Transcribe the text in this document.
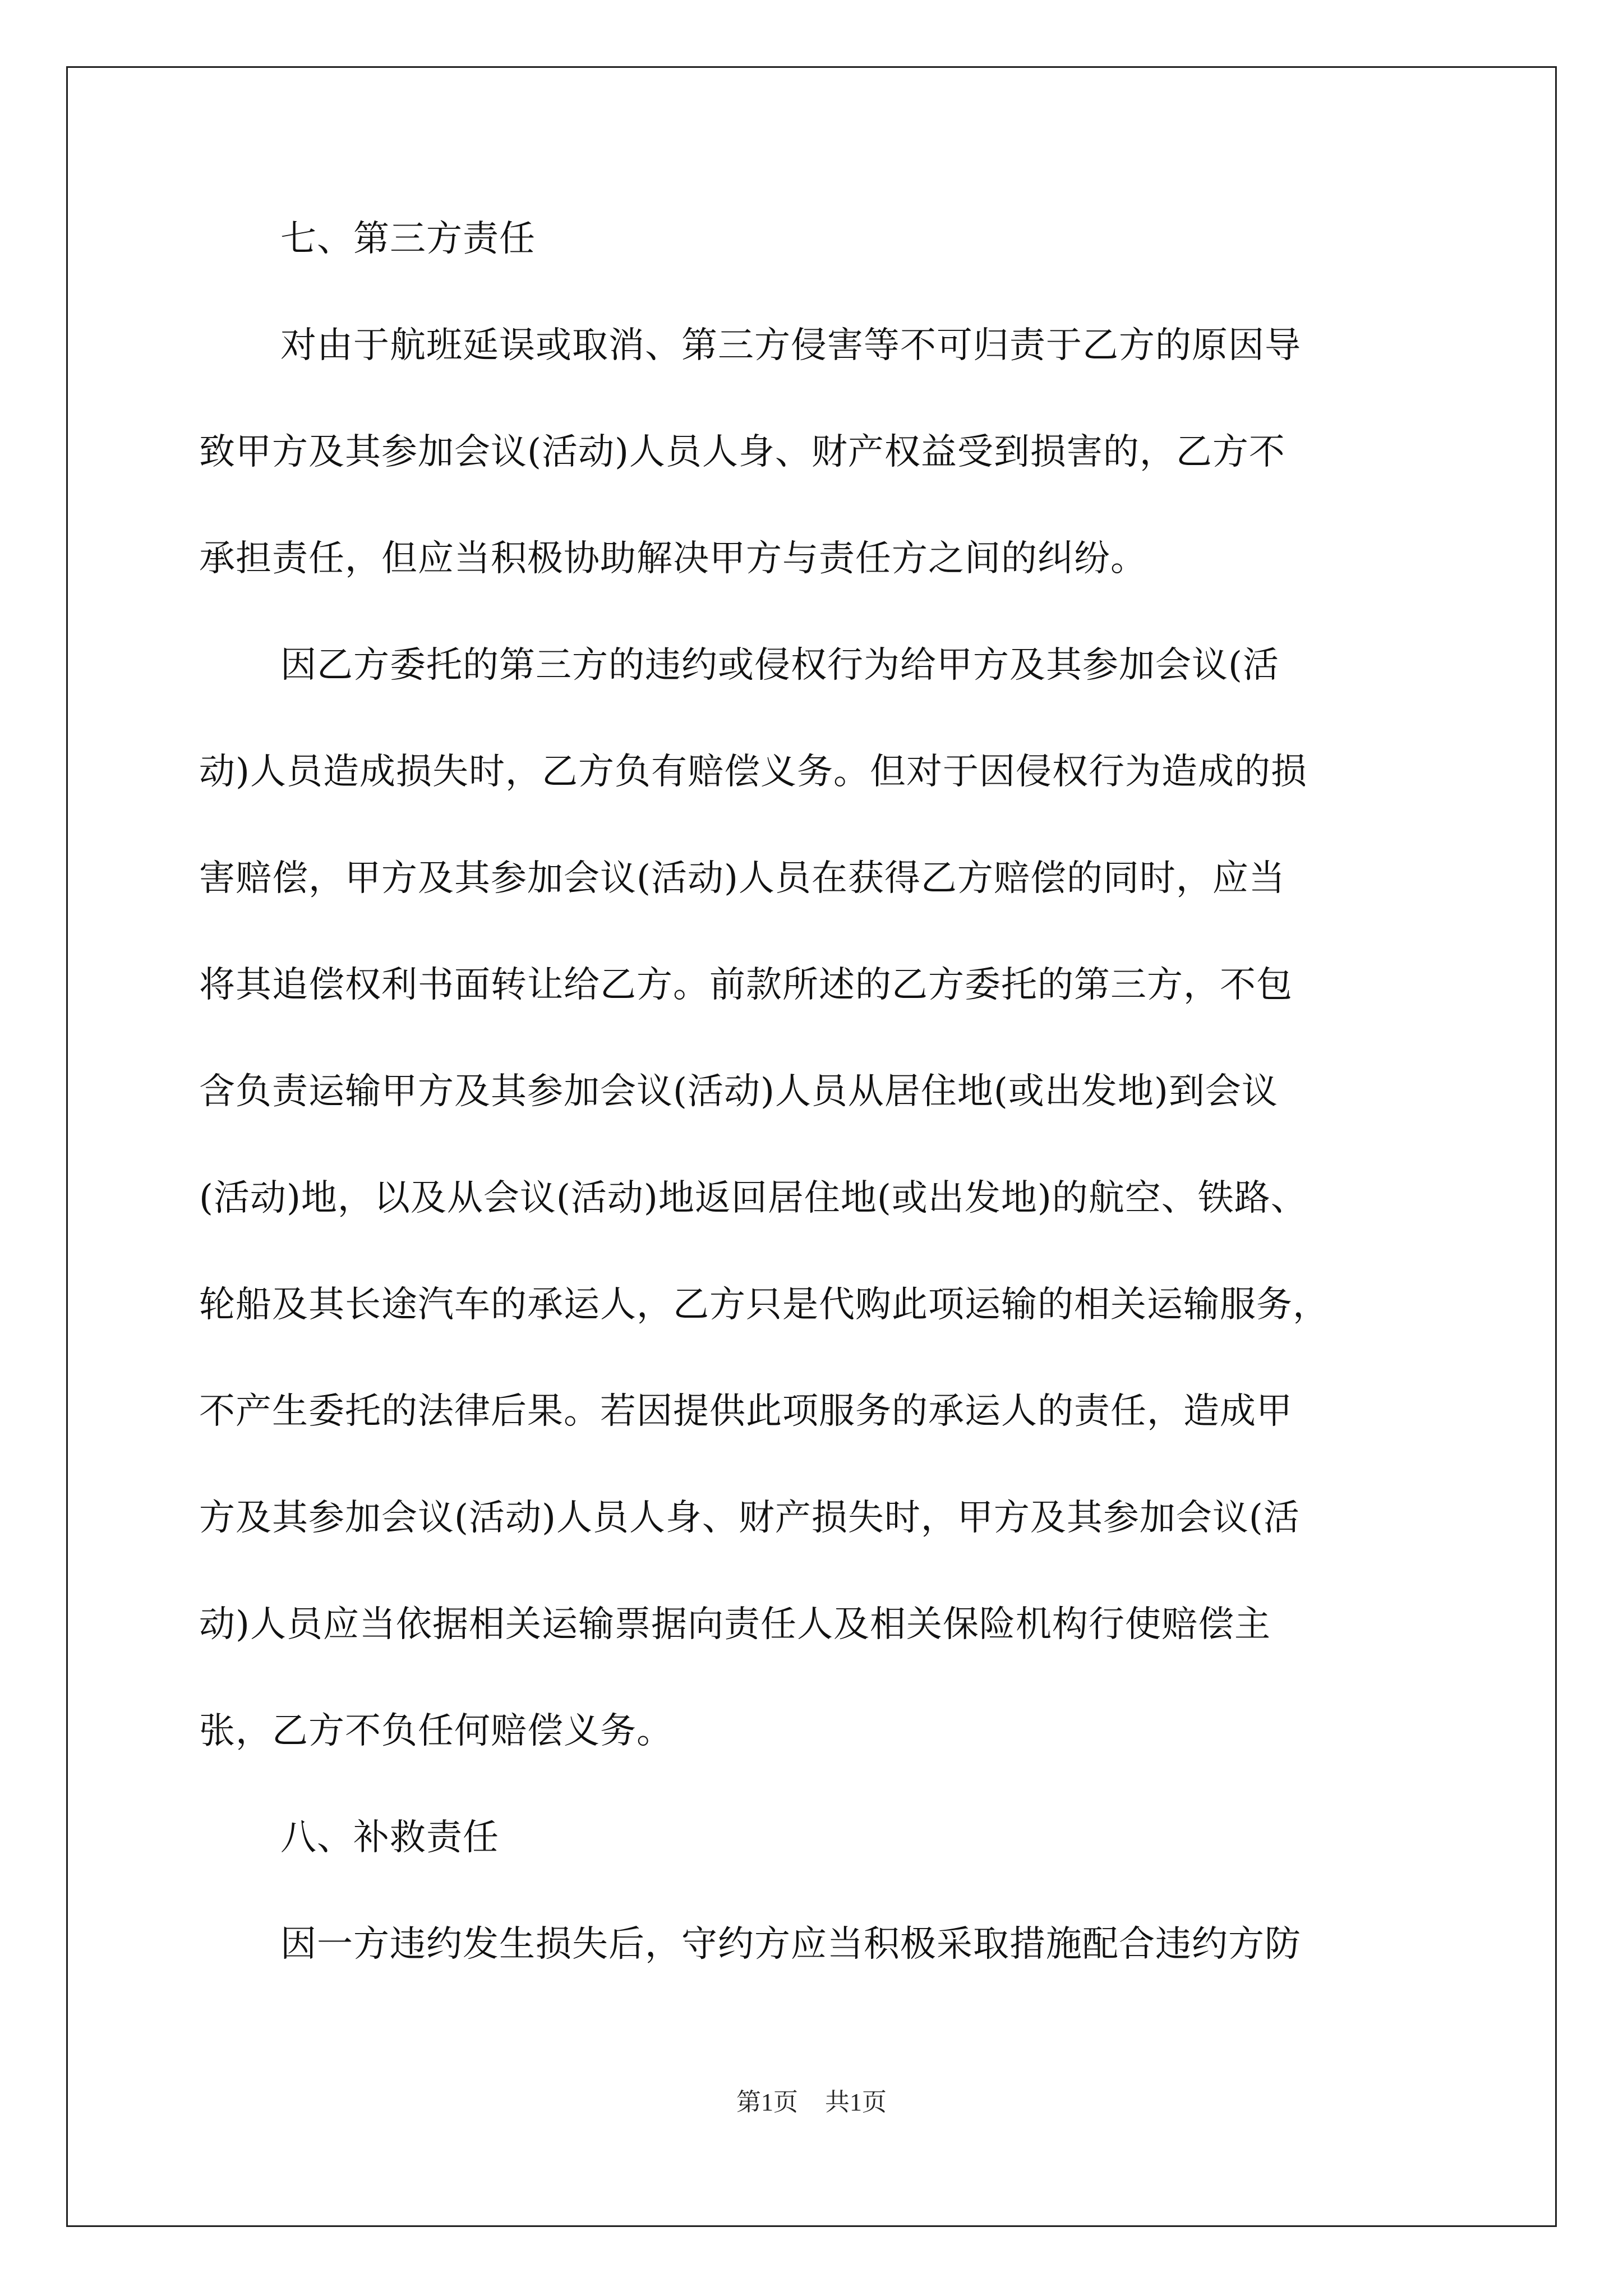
七、第三方责任

对由于航班延误或取消、第三方侵害等不可归责于乙方的原因导

致甲方及其参加会议(活动)人员人身、财产权益受到损害的，乙方不

承担责任，但应当积极协助解决甲方与责任方之间的纠纷。

因乙方委托的第三方的违约或侵权行为给甲方及其参加会议(活

动)人员造成损失时，乙方负有赔偿义务。但对于因侵权行为造成的损

害赔偿，甲方及其参加会议(活动)人员在获得乙方赔偿的同时，应当

将其追偿权利书面转让给乙方。前款所述的乙方委托的第三方，不包

含负责运输甲方及其参加会议(活动)人员从居住地(或出发地)到会议

(活动)地，以及从会议(活动)地返回居住地(或出发地)的航空、铁路、

轮船及其长途汽车的承运人，乙方只是代购此项运输的相关运输服务，

不产生委托的法律后果。若因提供此项服务的承运人的责任，造成甲

方及其参加会议(活动)人员人身、财产损失时，甲方及其参加会议(活

动)人员应当依据相关运输票据向责任人及相关保险机构行使赔偿主

张，乙方不负任何赔偿义务。

八、补救责任

因一方违约发生损失后，守约方应当积极采取措施配合违约方防

第1页 共1页
